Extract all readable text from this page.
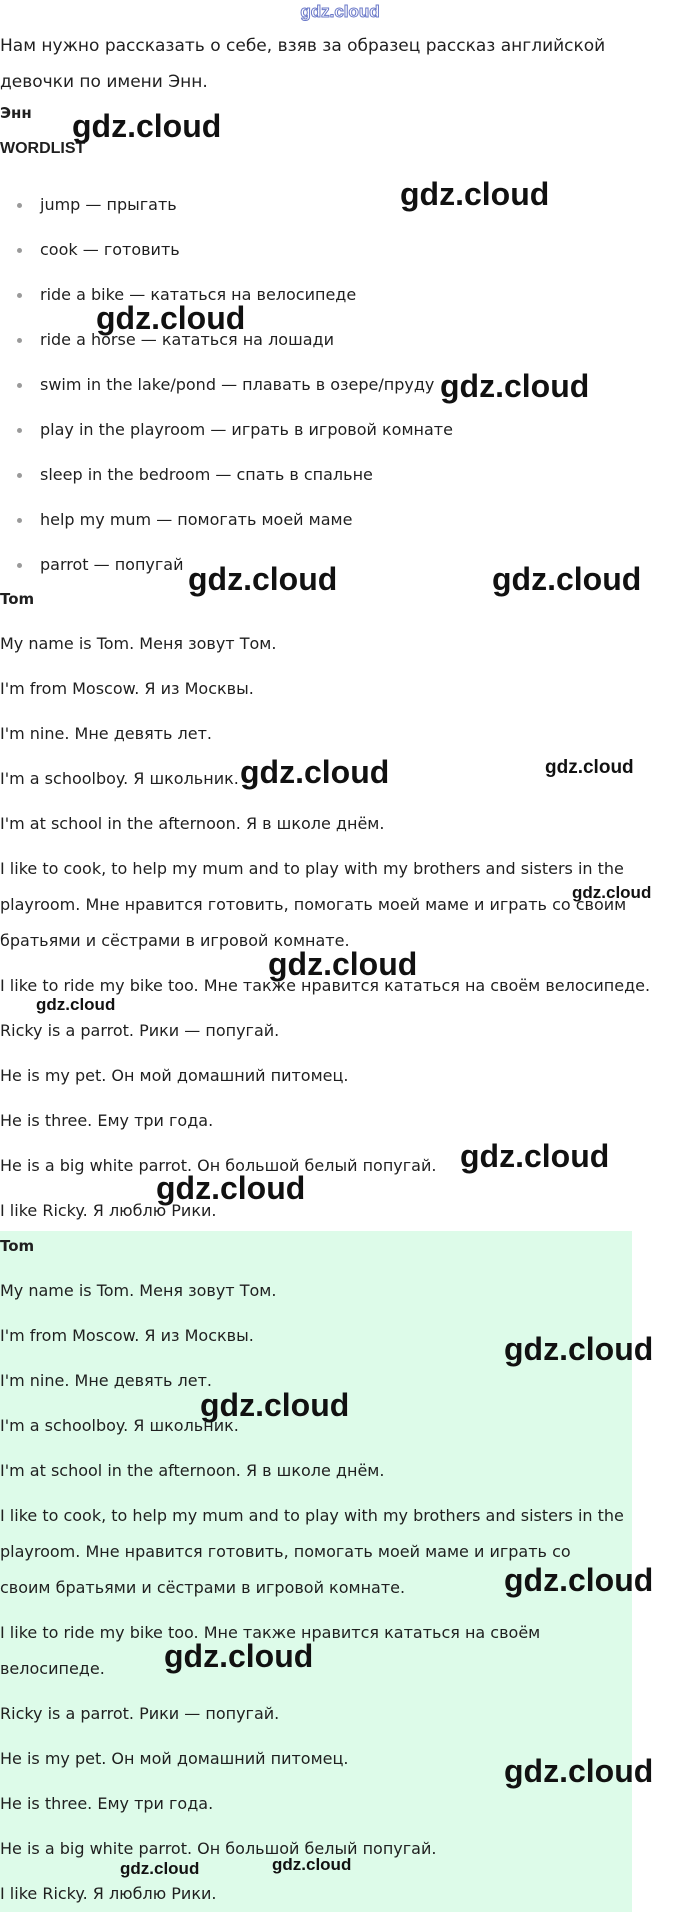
gdz.cloud

Нам нужно рассказать о себе, взяв за образец рассказ английской девочки по имени Энн.

Энн

WORDLIST

jump — прыгать
cook — готовить
ride a bike — кататься на велосипеде
ride a horse — кататься на лошади
swim in the lake/pond — плавать в озере/пруду
play in the playroom — играть в игровой комнате
sleep in the bedroom — спать в спальне
help my mum — помогать моей маме
parrot — попугай

Tom

My name is Tom. Меня зовут Том.

I'm from Moscow. Я из Москвы.

I'm nine. Мне девять лет.

I'm a schoolboy. Я школьник.

I'm at school in the afternoon. Я в школе днём.

I like to cook, to help my mum and to play with my brothers and sisters in the playroom. Мне нравится готовить, помогать моей маме и играть со своим братьями и сёстрами в игровой комнате.

I like to ride my bike too. Мне также нравится кататься на своём велосипеде.

Ricky is a parrot. Рики — попугай.

He is my pet. Он мой домашний питомец.

He is three. Ему три года.

He is a big white parrot. Он большой белый попугай.

I like Ricky. Я люблю Рики.

Tom

My name is Tom. Меня зовут Том.

I'm from Moscow. Я из Москвы.

I'm nine. Мне девять лет.

I'm a schoolboy. Я школьник.

I'm at school in the afternoon. Я в школе днём.

I like to cook, to help my mum and to play with my brothers and sisters in the playroom. Мне нравится готовить, помогать моей маме и играть со своим братьями и сёстрами в игровой комнате.

I like to ride my bike too. Мне также нравится кататься на своём велосипеде.

Ricky is a parrot. Рики — попугай.

He is my pet. Он мой домашний питомец.

He is three. Ему три года.

He is a big white parrot. Он большой белый попугай.

I like Ricky. Я люблю Рики.

gdz.cloud
gdz.cloud
gdz.cloud
gdz.cloud
gdz.cloud	gdz.cloud
gdz.cloud	gdz.cloud
gdz.cloud
gdz.cloud
gdz.cloud
gdz.cloud
gdz.cloud
gdz.cloud
gdz.cloud
gdz.cloud
gdz.cloud
gdz.cloud
gdz.cloud	gdz.cloud
